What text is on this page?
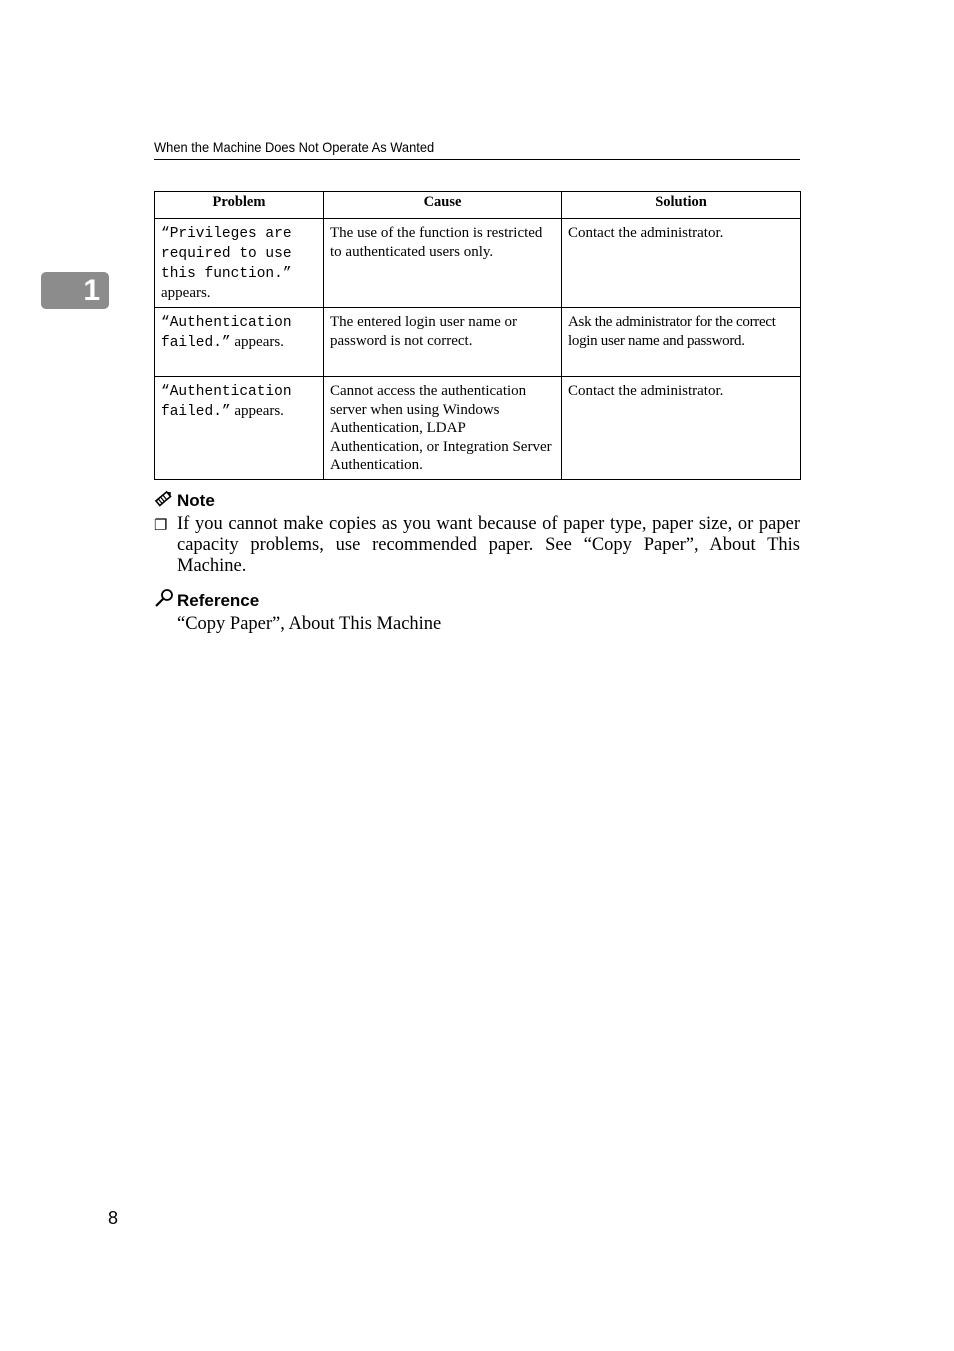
When the Machine Does Not Operate As Wanted
1
Problem	Cause	Solution
“Privileges are required to use this function.” appears.	The use of the function is restricted to authenticated users only.	Contact the administrator.
“Authentication failed.” appears.	The entered login user name or password is not correct.	Ask the administrator for the correct login user name and password.
“Authentication failed.” appears.	Cannot access the authentication server when using Windows Authentication, LDAP Authentication, or Integration Server Authentication.	Contact the administrator.
Note
❐ If you cannot make copies as you want because of paper type, paper size, or paper capacity problems, use recommended paper. See “Copy Paper”, About This Machine.
Reference
“Copy Paper”, About This Machine
8
